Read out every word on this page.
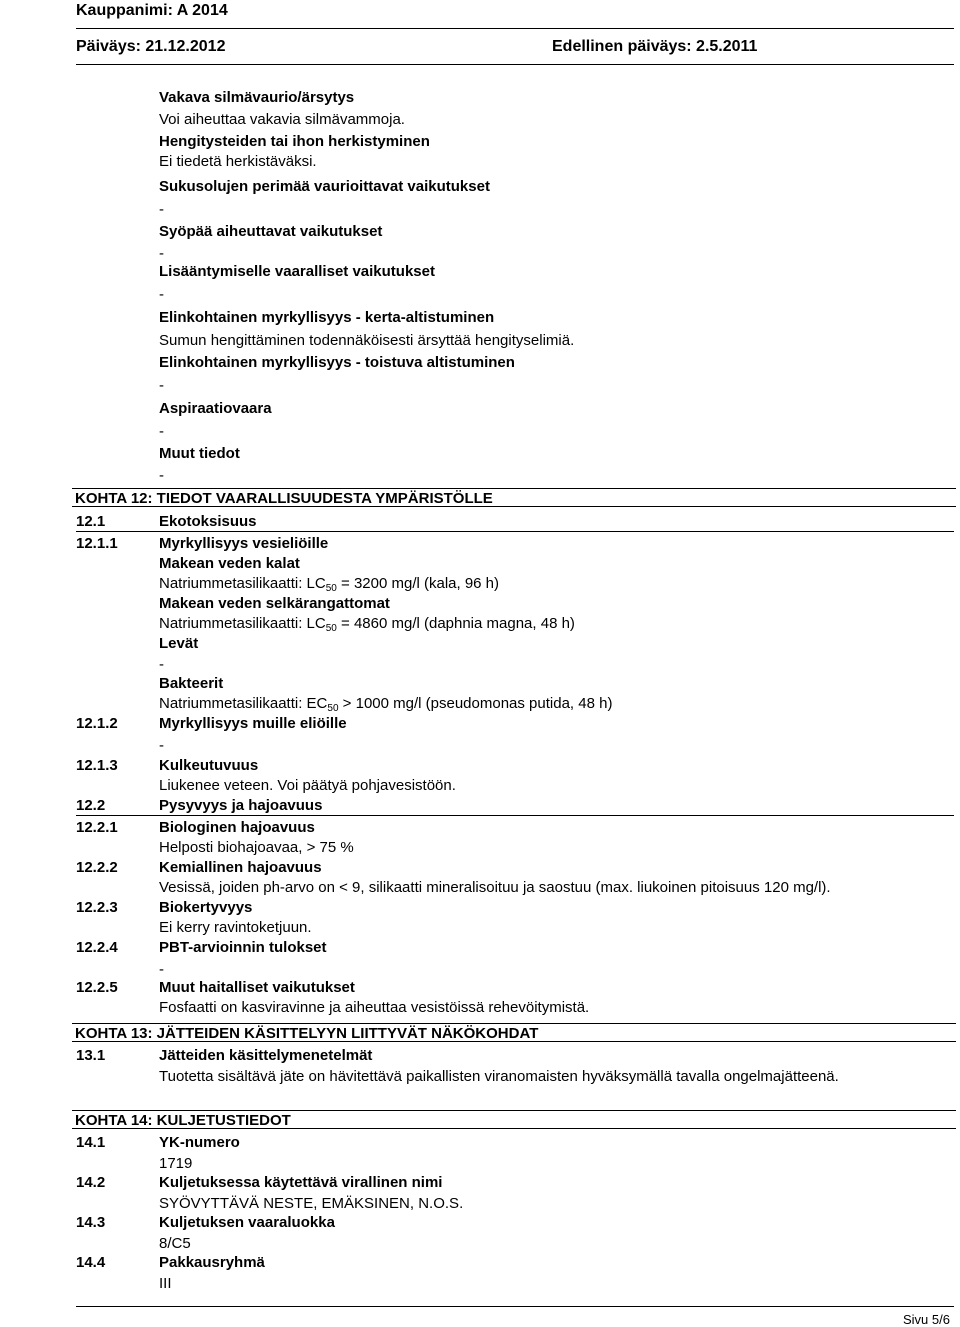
Kauppanimi: A 2014
Päiväys: 21.12.2012	Edellinen päiväys: 2.5.2011
Vakava silmävaurio/ärsytys
Voi aiheuttaa vakavia silmävammoja.
Hengitysteiden tai ihon herkistyminen
Ei tiedetä herkistäväksi.
Sukusolujen perimää vaurioittavat vaikutukset
-
Syöpää aiheuttavat vaikutukset
-
Lisääntymiselle vaaralliset vaikutukset
-
Elinkohtainen myrkyllisyys - kerta-altistuminen
Sumun hengittäminen todennäköisesti ärsyttää hengityselimiä.
Elinkohtainen myrkyllisyys - toistuva altistuminen
-
Aspiraatiovaara
-
Muut tiedot
-
KOHTA 12: TIEDOT VAARALLISUUDESTA YMPÄRISTÖLLE
12.1	Ekotoksisuus
12.1.1	Myrkyllisyys vesieliöille
Makean veden kalat
Natriummetasilikaatti: $LC_{50} = 3200$ mg/l (kala, 96 h)
Makean veden selkärangattomat
Natriummetasilikaatti: $LC_{50} = 4860$ mg/l (daphnia magna, 48 h)
Levät
-
Bakteerit
Natriummetasilikaatti: $EC_{50} > 1000$ mg/l (pseudomonas putida, 48 h)
12.1.2	Myrkyllisyys muille eliöille
-
12.1.3	Kulkeutuvuus
Liukenee veteen. Voi päätyä pohjavesistöön.
12.2	Pysyvyys ja hajoavuus
12.2.1	Biologinen hajoavuus
Helposti biohajoavaa, > 75 %
12.2.2	Kemiallinen hajoavuus
Vesissä, joiden ph-arvo on < 9, silikaatti mineralisoituu ja saostuu (max. liukoinen pitoisuus 120 mg/l).
12.2.3	Biokertyvyys
Ei kerry ravintoketjuun.
12.2.4	PBT-arvioinnin tulokset
-
12.2.5	Muut haitalliset vaikutukset
Fosfaatti on kasviravinne ja aiheuttaa vesistöissä rehevöitymistä.
KOHTA 13: JÄTTEIDEN KÄSITTELYYN LIITTYVÄT NÄKÖKOHDAT
13.1	Jätteiden käsittelymenetelmät
Tuotetta sisältävä jäte on hävitettävä paikallisten viranomaisten hyväksymällä tavalla ongelmajätteenä.
KOHTA 14: KULJETUSTIEDOT
14.1	YK-numero
1719
14.2	Kuljetuksessa käytettävä virallinen nimi
SYÖVYTTÄVÄ NESTE, EMÄKSINEN, N.O.S.
14.3	Kuljetuksen vaaraluokka
8/C5
14.4	Pakkausryhmä
III
Sivu 5/6
